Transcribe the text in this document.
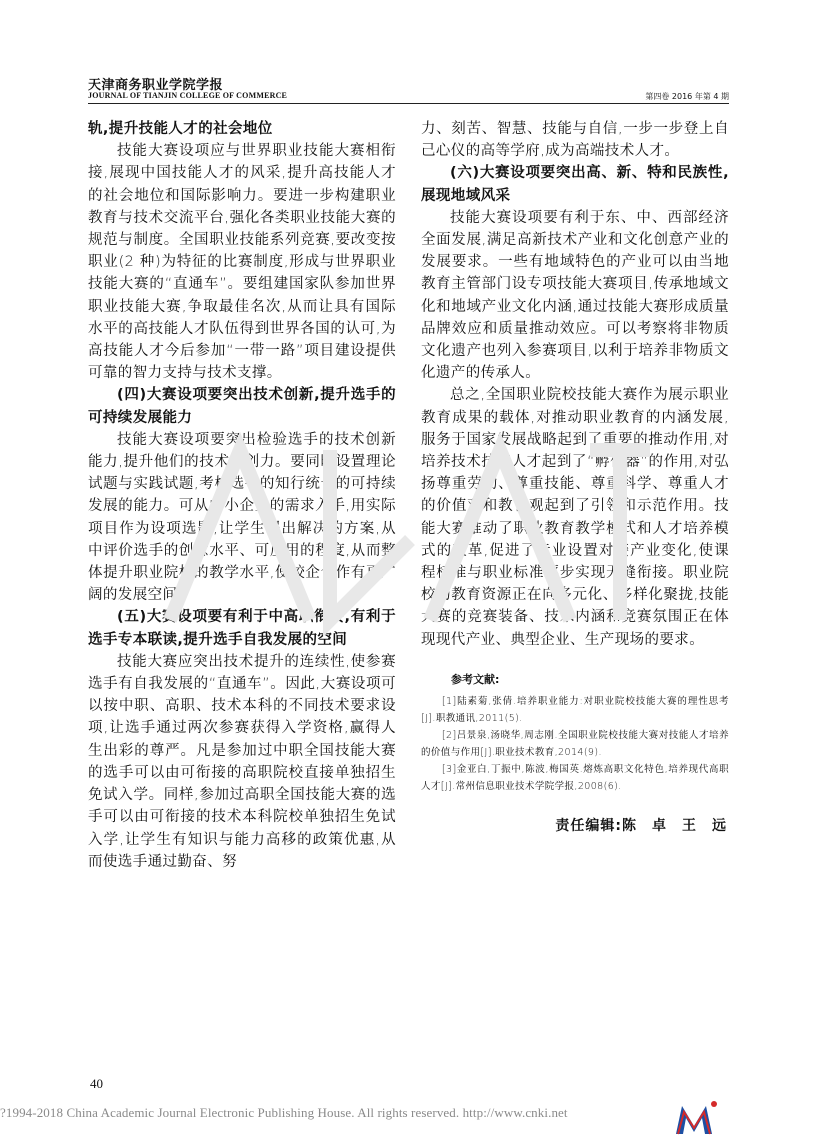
天津商务职业学院学报
JOURNAL OF TIANJIN COLLEGE OF COMMERCE	第四卷 2016 年第 4 期

轨,提升技能人才的社会地位

技能大赛设项应与世界职业技能大赛相衔接,展现中国技能人才的风采,提升高技能人才的社会地位和国际影响力。要进一步构建职业教育与技术交流平台,强化各类职业技能大赛的规范与制度。全国职业技能系列竞赛,要改变按职业(2 种)为特征的比赛制度,形成与世界职业技能大赛的“直通车”。要组建国家队参加世界职业技能大赛,争取最佳名次,从而让具有国际水平的高技能人才队伍得到世界各国的认可,为高技能人才今后参加“一带一路”项目建设提供可靠的智力支持与技术支撑。

(四)大赛设项要突出技术创新,提升选手的可持续发展能力

技能大赛设项要突出检验选手的技术创新能力,提升他们的技术原创力。要同时设置理论试题与实践试题,考核选手的知行统一的可持续发展的能力。可从中小企业的需求入手,用实际项目作为设项选题,让学生提出解决的方案,从中评价选手的创意水平、可应用的程度,从而整体提升职业院校的教学水平,使校企合作有更广阔的发展空间。

(五)大赛设项要有利于中高职衔接,有利于选手专本联读,提升选手自我发展的空间

技能大赛应突出技术提升的连续性,使参赛选手有自我发展的“直通车”。因此,大赛设项可以按中职、高职、技术本科的不同技术要求设项,让选手通过两次参赛获得入学资格,赢得人生出彩的尊严。凡是参加过中职全国技能大赛的选手可以由可衔接的高职院校直接单独招生免试入学。同样,参加过高职全国技能大赛的选手可以由可衔接的技术本科院校单独招生免试入学,让学生有知识与能力高移的政策优惠,从而使选手通过勤奋、努

力、刻苦、智慧、技能与自信,一步一步登上自己心仪的高等学府,成为高端技术人才。

(六)大赛设项要突出高、新、特和民族性,展现地域风采

技能大赛设项要有利于东、中、西部经济全面发展,满足高新技术产业和文化创意产业的发展要求。一些有地域特色的产业可以由当地教育主管部门设专项技能大赛项目,传承地域文化和地域产业文化内涵,通过技能大赛形成质量品牌效应和质量推动效应。可以考察将非物质文化遗产也列入参赛项目,以利于培养非物质文化遗产的传承人。

总之,全国职业院校技能大赛作为展示职业教育成果的载体,对推动职业教育的内涵发展,服务于国家发展战略起到了重要的推动作用,对培养技术技能人才起到了“孵化器”的作用,对弘扬尊重劳动、尊重技能、尊重科学、尊重人才的价值观和教育观起到了引领和示范作用。技能大赛推动了职业教育教学模式和人才培养模式的改革,促进了专业设置对接产业变化,使课程标准与职业标准逐步实现无缝衔接。职业院校的教育资源正在向多元化、多样化聚拢,技能大赛的竞赛装备、技术内涵和竞赛氛围正在体现现代产业、典型企业、生产现场的要求。

参考文献:

[1]陆素菊,张倩.培养职业能力:对职业院校技能大赛的理性思考[J].职教通讯,2011(5).

[2]吕景泉,汤晓华,周志刚.全国职业院校技能大赛对技能人才培养的价值与作用[J].职业技术教育,2014(9).

[3]金亚白,丁振中,陈波,梅国英.熔炼高职文化特色,培养现代高职人才[J].常州信息职业技术学院学报,2008(6).

责任编辑:陈　卓　王　远
40
?1994-2018 China Academic Journal Electronic Publishing House. All rights reserved. http://www.cnki.net
